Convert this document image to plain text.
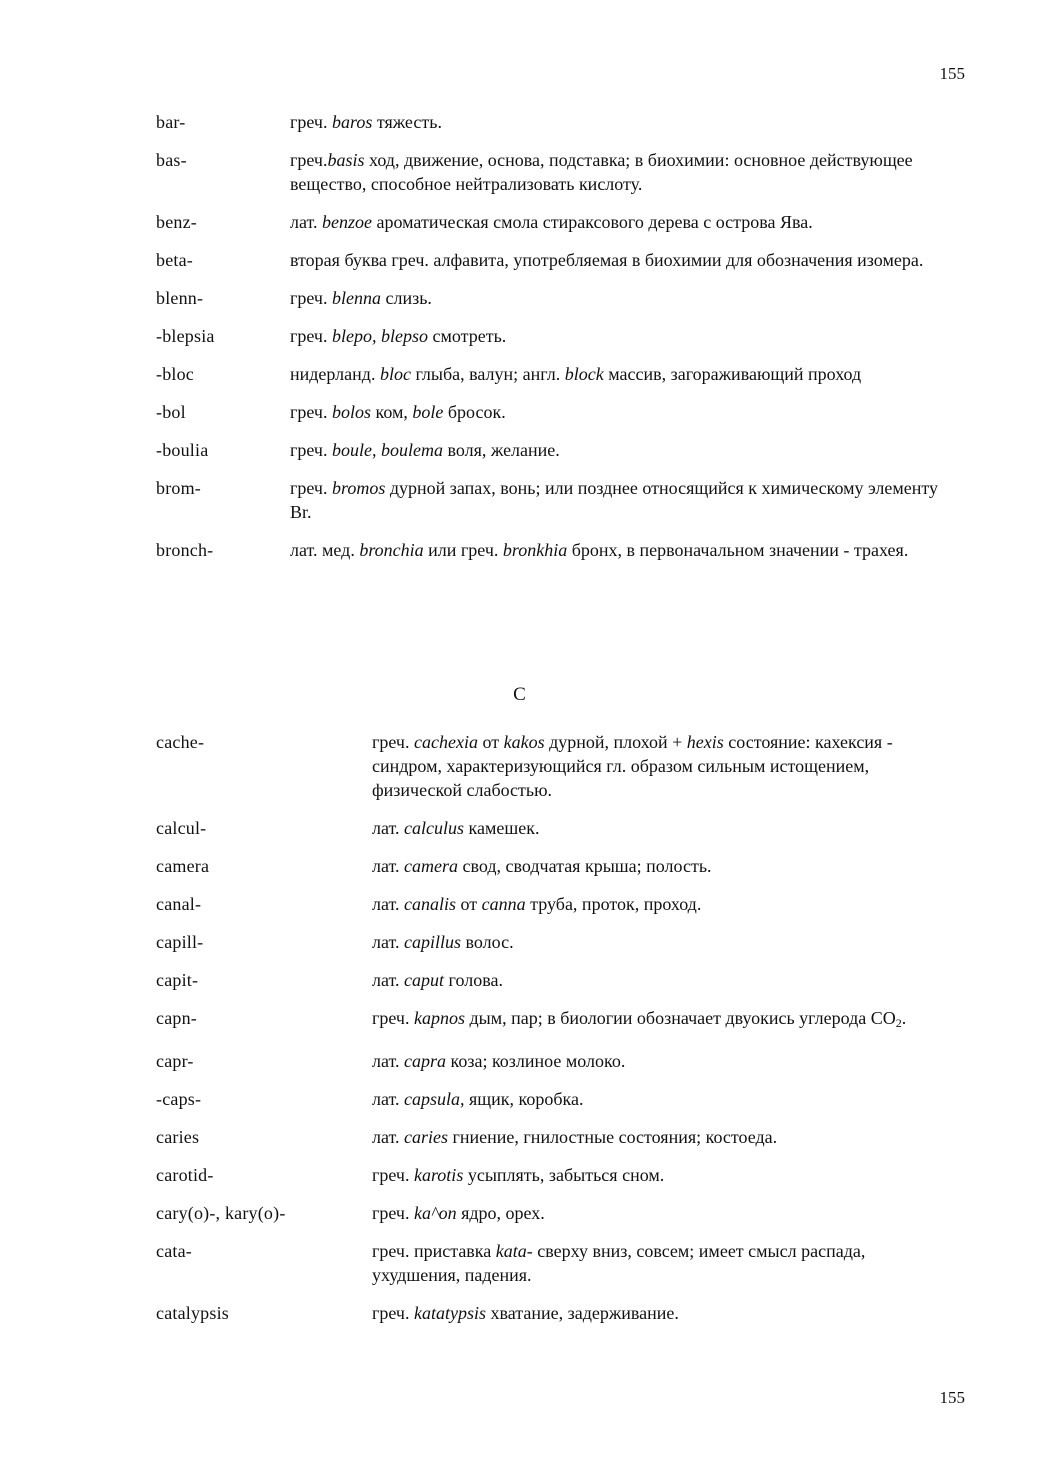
155
bar-	греч. baros тяжесть.
bas-	греч.basis ход, движение, основа, подставка; в биохимии: основное действующее вещество, способное нейтрализовать кислоту.
benz-	лат. benzoe ароматическая смола стираксового дерева с острова Ява.
beta-	вторая буква греч. алфавита, употребляемая в биохимии для обозначения изомера.
blenn-	греч. blenna слизь.
-blepsia	греч. blepo, blepso смотреть.
-bloc	нидерланд. bloc глыба, валун; англ. block массив, загораживающий проход
-bol	греч. bolos ком, bole бросок.
-boulia	греч. boule, boulema воля, желание.
brom-	греч. bromos дурной запах, вонь; или позднее относящийся к химическому элементу Br.
bronch-	лат. мед. bronchia или греч. bronkhia бронх, в первоначальном значении - трахея.
С
cache-	греч. cachexia от kakos дурной, плохой + hexis состояние: кахексия - синдром, характеризующийся гл. образом сильным истощением, физической слабостью.
calcul-	лат. calculus камешек.
camera	лат. camera свод, сводчатая крыша; полость.
canal-	лат. canalis от canna труба, проток, проход.
capill-	лат. capillus волос.
capit-	лат. caput голова.
capn-	греч. kapnos дым, пар; в биологии обозначает двуокись углерода $CO_2$.
capr-	лат. capra коза; козлиное молоко.
-caps-	лат. capsula, ящик, коробка.
caries	лат. caries гниение, гнилостные состояния; костоеда.
carotid-	греч. karotis усыплять, забыться сном.
cary(o)-, kary(o)-	греч. ka^on ядро, орех.
cata-	греч. приставка kata- сверху вниз, совсем; имеет смысл распада, ухудшения, падения.
catalypsis	греч. katatypsis хватание, задерживание.
155
